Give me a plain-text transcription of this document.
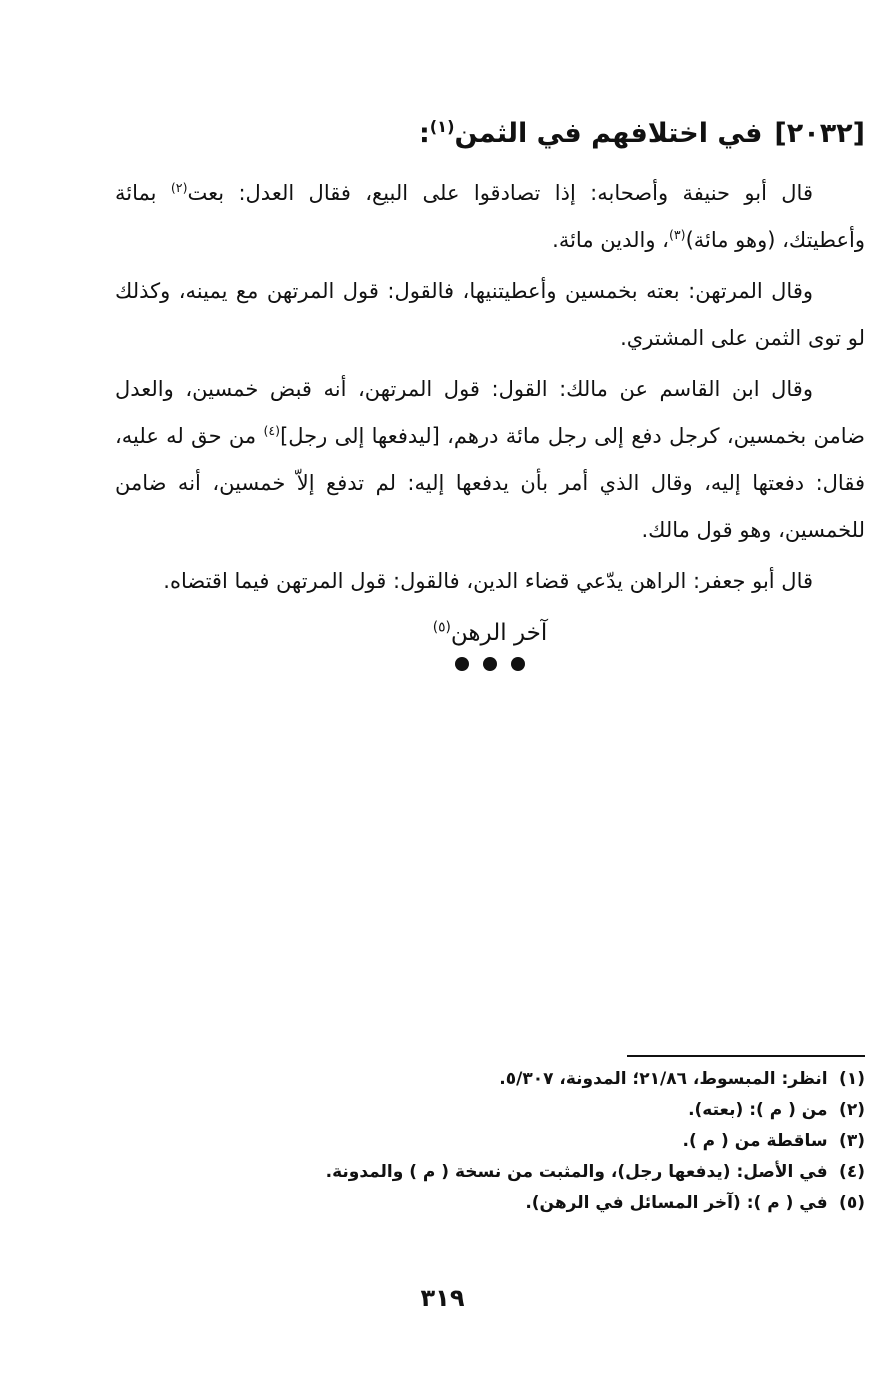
[٢٠٣٢]في اختلافهم في الثمن$^{(١)}$:

قال أبو حنيفة وأصحابه: إذا تصادقوا على البيع، فقال العدل: بعت$^{(٢)}$ بمائة وأعطيتك، (وهو مائة)$^{(٣)}$، والدين مائة.

وقال المرتهن: بعته بخمسين وأعطيتنيها، فالقول: قول المرتهن مع يمينه، وكذلك لو توى الثمن على المشتري.

وقال ابن القاسم عن مالك: القول: قول المرتهن، أنه قبض خمسين، والعدل ضامن بخمسين، كرجل دفع إلى رجل مائة درهم، [ليدفعها إلى رجل]$^{(٤)}$ من حق له عليه، فقال: دفعتها إليه، وقال الذي أمر بأن يدفعها إليه: لم تدفع إلاّ خمسين، أنه ضامن للخمسين، وهو قول مالك.

قال أبو جعفر: الراهن يدّعي قضاء الدين، فالقول: قول المرتهن فيما اقتضاه.

آخر الرهن$^{(٥)}$
(١) انظر: المبسوط، ٢١/٨٦؛ المدونة، ٥/٣٠٧.
(٢) من ( م ): (بعته).
(٣) ساقطة من ( م ).
(٤) في الأصل: (يدفعها رجل)، والمثبت من نسخة ( م ) والمدونة.
(٥) في ( م ): (آخر المسائل في الرهن).
٣١٩
